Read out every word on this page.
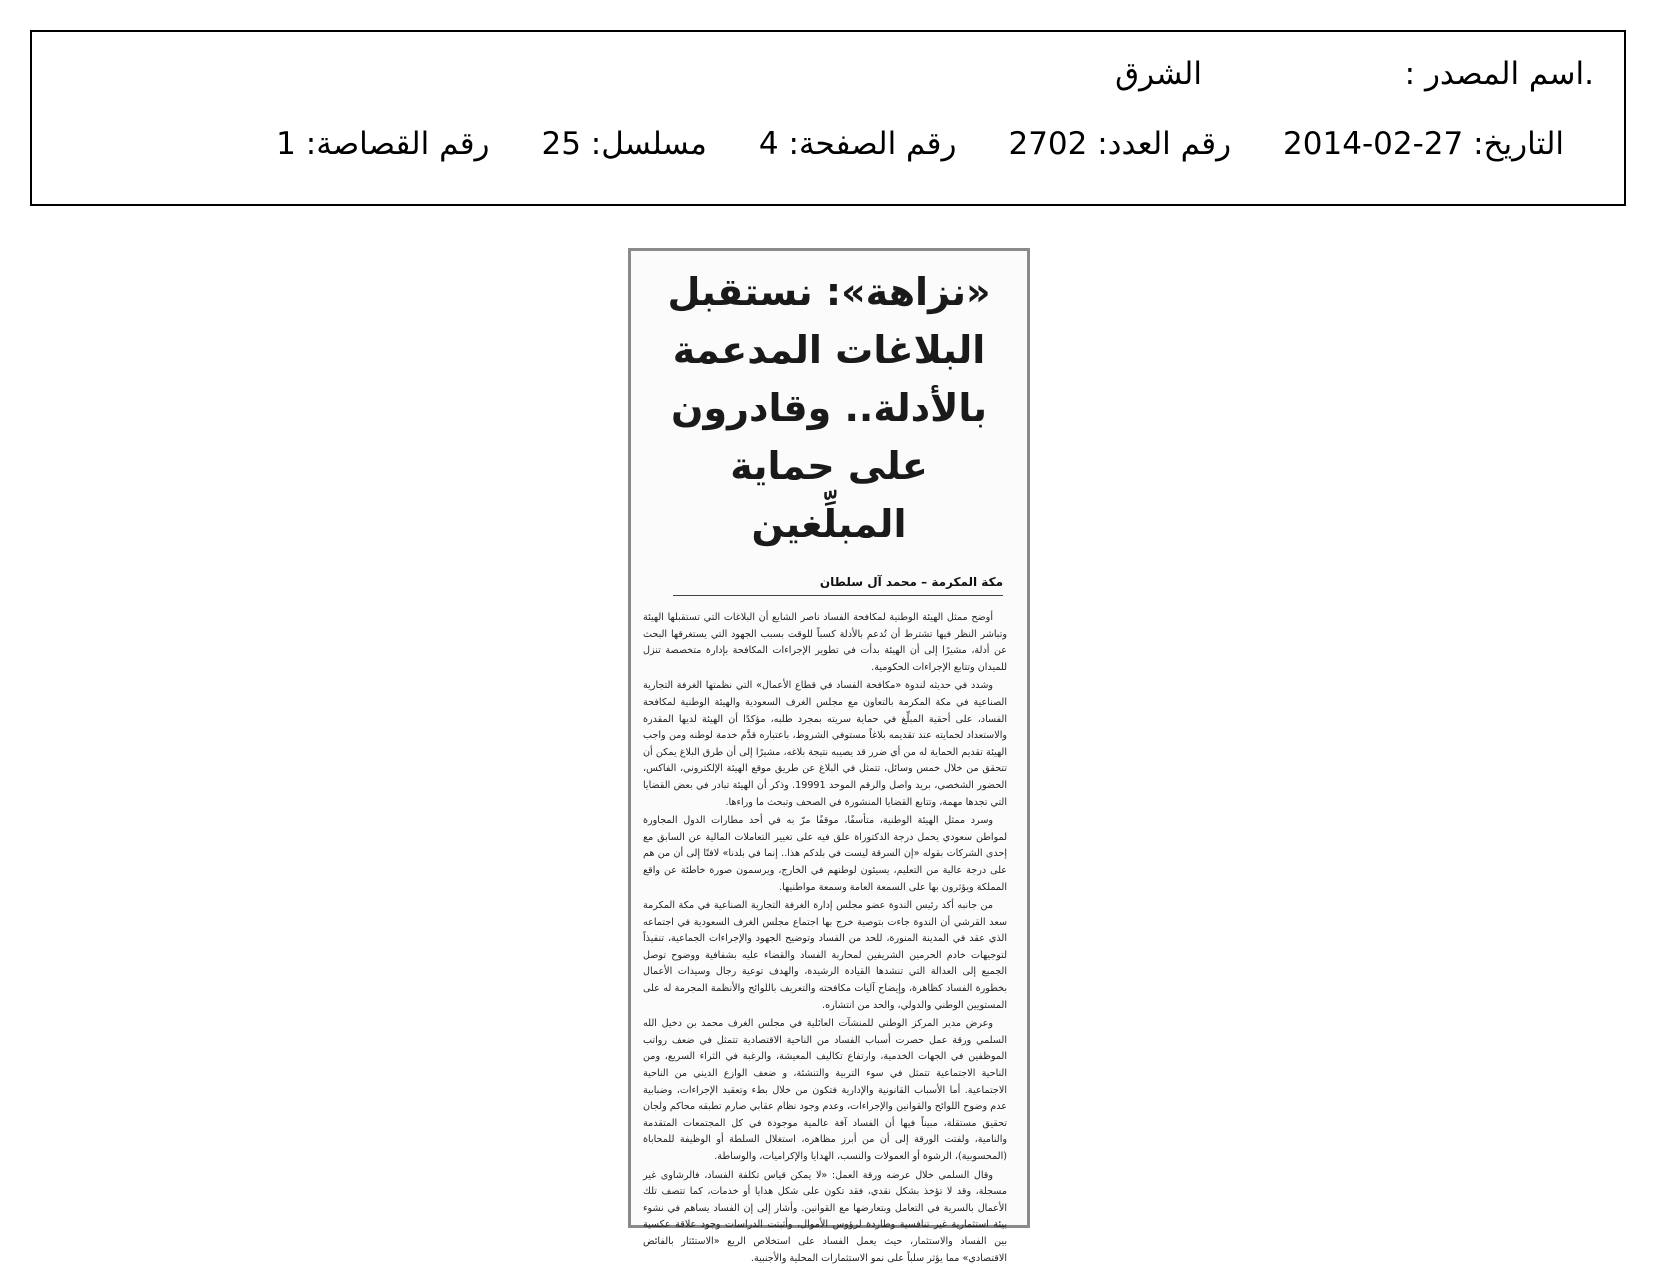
.اسم المصدر :
الشرق
التاريخ: 27-02-2014
رقم العدد: 2702
رقم الصفحة: 4
مسلسل: 25
رقم القصاصة: 1
«نزاهة»: نستقبل البلاغات المدعمة بالأدلة.. وقادرون على حماية المبلِّغين
مكة المكرمة – محمد آل سلطان

أوضح ممثل الهيئة الوطنية لمكافحة الفساد ناصر الشايع أن البلاغات التي تستقبلها الهيئة وتباشر النظر فيها تشترط أن تُدعم بالأدلة كسباً للوقت بسبب الجهود التي يستغرقها البحث عن أدلة، مشيرًا إلى أن الهيئة بدأت في تطوير الإجراءات المكافحة بإدارة متخصصة تنزل للميدان وتتابع الإجراءات الحكومية.

وشدد في حديثه لندوة «مكافحة الفساد في قطاع الأعمال» التي نظمتها الغرفة التجارية الصناعية في مكة المكرمة بالتعاون مع مجلس الغرف السعودية والهيئة الوطنية لمكافحة الفساد، على أحقية المبلِّغ في حماية سريته بمجرد طلبه، مؤكدًا أن الهيئة لديها المقدرة والاستعداد لحمايته عند تقديمه بلاغاً مستوفي الشروط، باعتباره قدَّم خدمة لوطنه ومن واجب الهيئة تقديم الحماية له من أي ضرر قد يصيبه نتيجة بلاغه، مشيرًا إلى أن طرق البلاغ يمكن أن تتحقق من خلال خمس وسائل، تتمثل في البلاغ عن طريق موقع الهيئة الإلكتروني، الفاكس، الحضور الشخصي، بريد واصل والرقم الموحد 19991. وذكر أن الهيئة تبادر في بعض القضايا التي تجدها مهمة، وتتابع القضايا المنشورة في الصحف وتبحث ما وراءها.

وسرد ممثل الهيئة الوطنية، متأسفًا، موقفًا مرّ به في أحد مطارات الدول المجاورة لمواطن سعودي يحمل درجة الدكتوراة علق فيه على تغيير التعاملات المالية عن السابق مع إحدى الشركات بقوله «إن السرقة ليست في بلدكم هذا.. إنما في بلدنا» لافتًا إلى أن من هم على درجة عالية من التعليم، يسيئون لوطنهم في الخارج، ويرسمون صورة خاطئة عن واقع المملكة ويؤثرون بها على السمعة العامة وسمعة مواطنيها.

من جانبه أكد رئيس الندوة عضو مجلس إدارة الغرفة التجارية الصناعية في مكة المكرمة سعد القرشي أن الندوة جاءت بتوصية خرج بها اجتماع مجلس الغرف السعودية في اجتماعه الذي عقد في المدينة المنورة، للحد من الفساد وتوضيح الجهود والإجراءات الجماعية، تنفيذاً لتوجيهات خادم الحرمين الشريفين لمحاربة الفساد والقضاء عليه بشفافية ووضوح توصل الجميع إلى العدالة التي تنشدها القيادة الرشيدة، والهدف توعية رجال وسيدات الأعمال بخطورة الفساد كظاهرة، وإيضاح آليات مكافحته والتعريف باللوائح والأنظمة المجرمة له على المستويين الوطني والدولي، والحد من انتشاره.

وعرض مدير المركز الوطني للمنشآت العائلية في مجلس الغرف محمد بن دخيل الله السلمي ورقة عمل حصرت أسباب الفساد من الناحية الاقتصادية تتمثل في ضعف رواتب الموظفين في الجهات الخدمية، وارتفاع تكاليف المعيشة، والرغبة في الثراء السريع، ومن الناحية الاجتماعية تتمثل في سوء التربية والتنشئة، و ضعف الوازع الديني من الناحية الاجتماعية. أما الأسباب القانونية والإدارية فتكون من خلال بطء وتعقيد الإجراءات، وضبابية عدم وضوح اللوائح والقوانين والإجراءات، وعدم وجود نظام عقابي صارم تطبقه محاكم ولجان تحقيق مستقلة، مبيناً فيها أن الفساد آفة عالمية موجودة في كل المجتمعات المتقدمة والنامية، ولفتت الورقة إلى أن من أبرز مظاهره، استغلال السلطة أو الوظيفة للمحاباة (المحسوبية)، الرشوة أو العمولات والنسب، الهدايا والإكراميات، والوساطة.

وقال السلمي خلال عرضه ورقة العمل: «لا يمكن قياس تكلفة الفساد، فالرشاوى غير مسجلة، وقد لا تؤخذ بشكل نقدي، فقد تكون على شكل هدايا أو خدمات، كما تتصف تلك الأعمال بالسرية في التعامل وبتعارضها مع القوانين. وأشار إلى إن الفساد يساهم في نشوء بيئة استثمارية غير تنافسية وطاردة لرؤوس الأموال، وأثبتت الدراسات وجود علاقة عكسية بين الفساد والاستثمار، حيث يعمل الفساد على استخلاص الريع «الاستئثار بالفائض الاقتصادي» مما يؤثر سلباً على نمو الاستثمارات المحلية والأجنبية.
